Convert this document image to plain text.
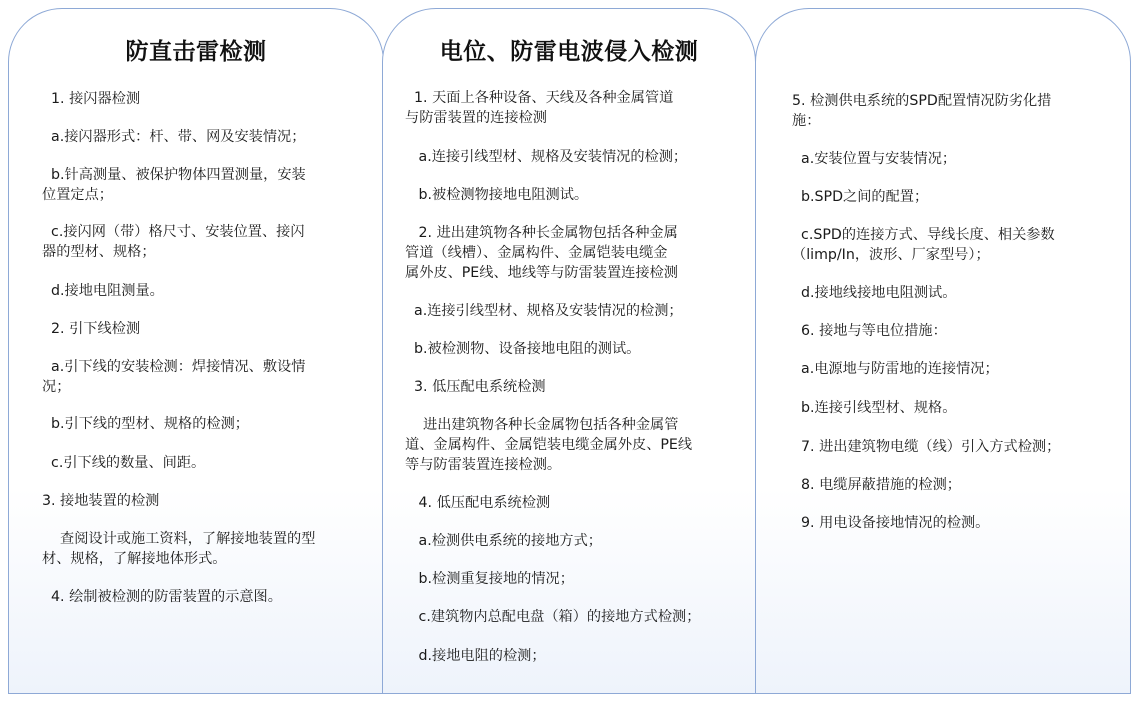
防直击雷检测
1. 接闪器检测
a.接闪器形式：杆、带、网及安装情况；
b.针高测量、被保护物体四置测量，安装
位置定点；
c.接闪网（带）格尺寸、安装位置、接闪
器的型材、规格；
d.接地电阻测量。
2. 引下线检测
a.引下线的安装检测：焊接情况、敷设情
况；
b.引下线的型材、规格的检测；
c.引下线的数量、间距。
3. 接地装置的检测
查阅设计或施工资料，了解接地装置的型
材、规格，了解接地体形式。
4. 绘制被检测的防雷装置的示意图。
电位、防雷电波侵入检测
1. 天面上各种设备、天线及各种金属管道
与防雷装置的连接检测
a.连接引线型材、规格及安装情况的检测；
b.被检测物接地电阻测试。
2. 进出建筑物各种长金属物包括各种金属
管道（线槽）、金属构件、金属铠装电缆金
属外皮、PE线、地线等与防雷装置连接检测
a.连接引线型材、规格及安装情况的检测；
b.被检测物、设备接地电阻的测试。
3. 低压配电系统检测
进出建筑物各种长金属物包括各种金属管
道、金属构件、金属铠装电缆金属外皮、PE线
等与防雷装置连接检测。
4. 低压配电系统检测
a.检测供电系统的接地方式；
b.检测重复接地的情况；
c.建筑物内总配电盘（箱）的接地方式检测；
d.接地电阻的检测；
5. 检测供电系统的SPD配置情况防劣化措
施：
a.安装位置与安装情况；
b.SPD之间的配置；
c.SPD的连接方式、导线长度、相关参数
（limp/In，波形、厂家型号）；
d.接地线接地电阻测试。
6. 接地与等电位措施：
a.电源地与防雷地的连接情况；
b.连接引线型材、规格。
7. 进出建筑物电缆（线）引入方式检测；
8. 电缆屏蔽措施的检测；
9. 用电设备接地情况的检测。
